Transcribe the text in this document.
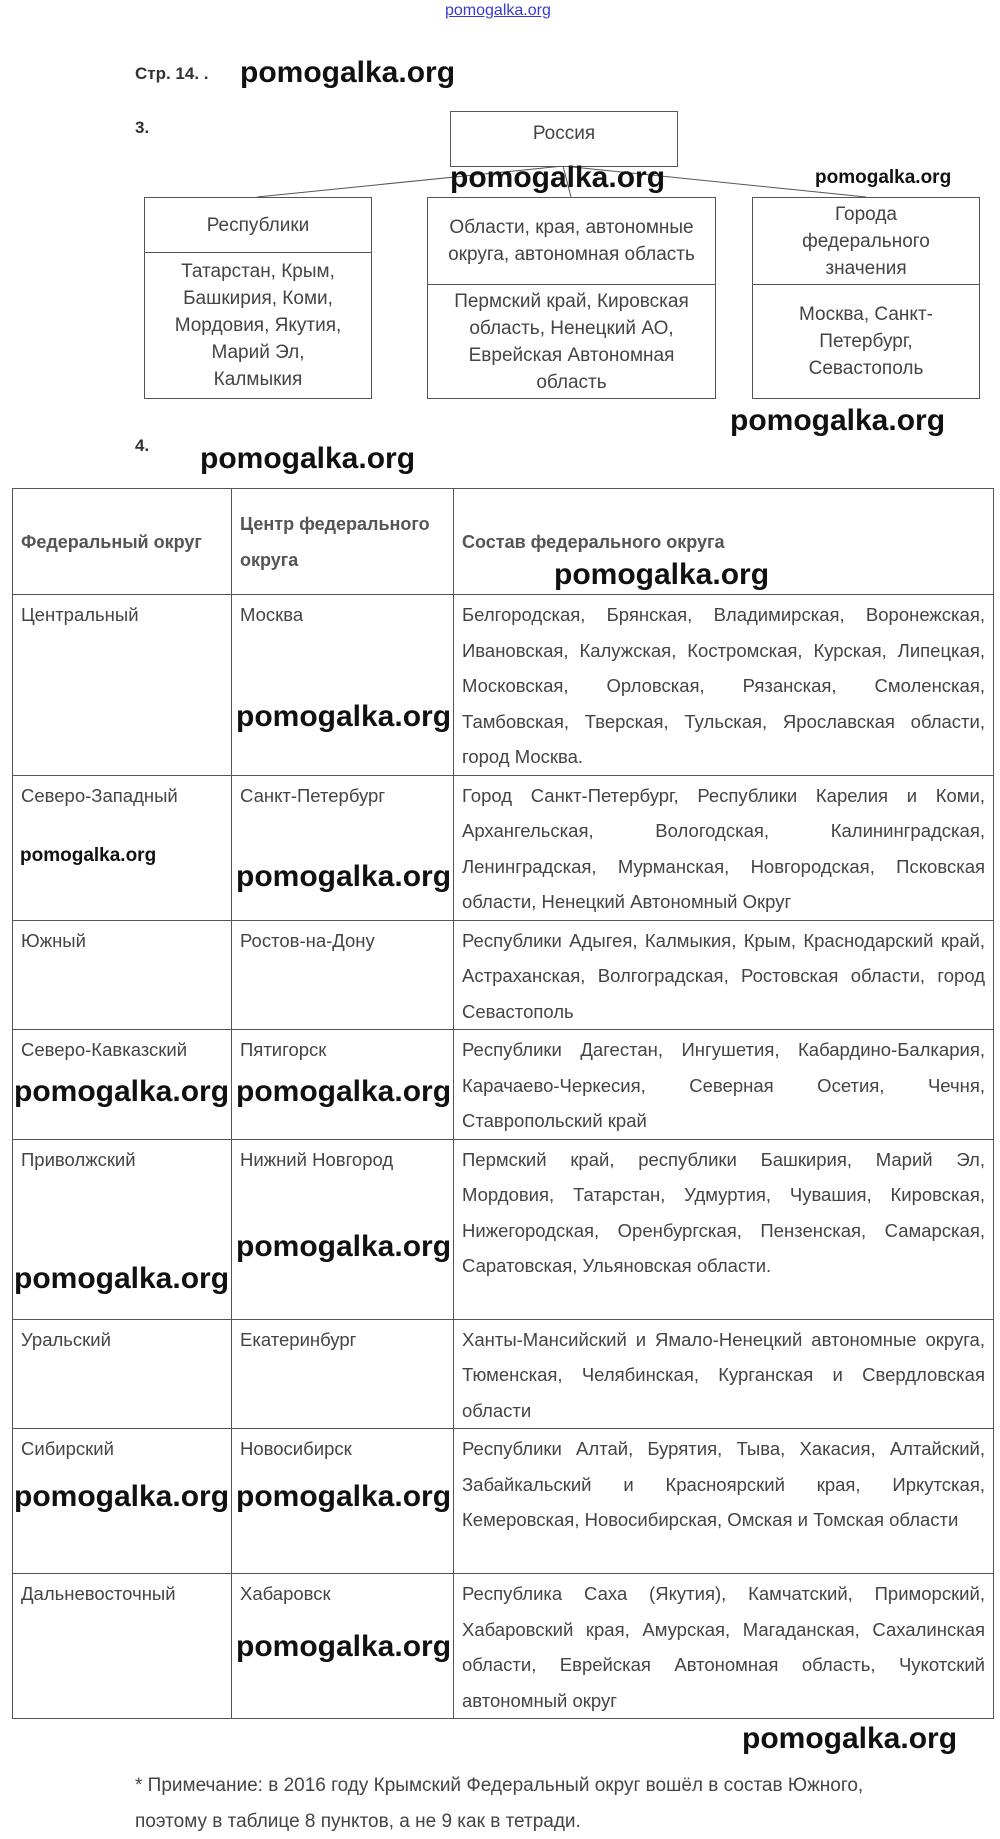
pomogalka.org
Стр. 14. .
3.	Россия
Республики
Татарстан, Крым, Башкирия, Коми, Мордовия, Якутия, Марий Эл, Калмыкия
Области, края, автономные округа, автономная область
Пермский край, Кировская область, Ненецкий АО, Еврейская Автономная область
Города федерального значения
Москва, Санкт-Петербург, Севастополь
4.
Федеральный округ	Центр федерального округа	Состав федерального округа
Центральный	Москва	Белгородская, Брянская, Владимирская, Воронежская, Ивановская, Калужская, Костромская, Курская, Липецкая, Московская, Орловская, Рязанская, Смоленская, Тамбовская, Тверская, Тульская, Ярославская области, город Москва.
Северо-Западный	Санкт-Петербург	Город Санкт-Петербург, Республики Карелия и Коми, Архангельская, Вологодская, Калининградская, Ленинградская, Мурманская, Новгородская, Псковская области, Ненецкий Автономный Округ
Южный	Ростов-на-Дону	Республики Адыгея, Калмыкия, Крым, Краснодарский край, Астраханская, Волгоградская, Ростовская области, город Севастополь
Северо-Кавказский	Пятигорск	Республики Дагестан, Ингушетия, Кабардино-Балкария, Карачаево-Черкесия, Северная Осетия, Чечня, Ставропольский край
Приволжский	Нижний Новгород	Пермский край, республики Башкирия, Марий Эл, Мордовия, Татарстан, Удмуртия, Чувашия, Кировская, Нижегородская, Оренбургская, Пензенская, Самарская, Саратовская, Ульяновская области.
Уральский	Екатеринбург	Ханты-Мансийский и Ямало-Ненецкий автономные округа, Тюменская, Челябинская, Курганская и Свердловская области
Сибирский	Новосибирск	Республики Алтай, Бурятия, Тыва, Хакасия, Алтайский, Забайкальский и Красноярский края, Иркутская, Кемеровская, Новосибирская, Омская и Томская области
Дальневосточный	Хабаровск	Республика Саха (Якутия), Камчатский, Приморский, Хабаровский края, Амурская, Магаданская, Сахалинская области, Еврейская Автономная область, Чукотский автономный округ
* Примечание: в 2016 году Крымский Федеральный округ вошёл в состав Южного,
поэтому в таблице 8 пунктов, а не 9 как в тетради.
pomogalka.org	pomogalka.org
pomogalka.org
pomogalka.org
pomogalka.org
pomogalka.org
pomogalka.org
pomogalka.org
pomogalka.org
pomogalka.org
pomogalka.org
pomogalka.org
pomogalka.org
pomogalka.org
pomogalka.org
pomogalka.org
pomogalka.org
